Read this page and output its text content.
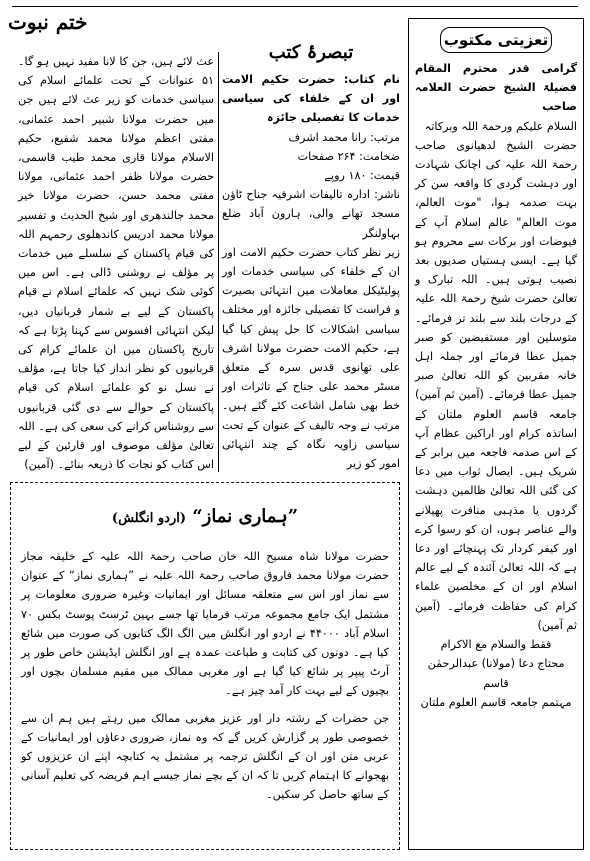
ختم نبوت

عث لائے ہیں، جن کا لانا مفید نہیں ہو گا۔۵۱ عنوانات کے تحت علمائے اسلام کی سیاسی خدمات کو زیر عث لائے ہیں جن میں حضرت مولانا شبیر احمد عثمانی، مفتی اعظم مولانا محمد شفیع، حکیم الاسلام مولانا قاری محمد طیب قاسمی، حضرت مولانا ظفر احمد عثمانی، مولانا مفتی محمد حسن، حضرت مولانا خیر محمد جالندھری اور شیخ الحدیث و تفسیر مولانا محمد ادریس کاندھلوی رحمہم اللہ کی قیام پاکستان کے سلسلے میں خدمات پر مؤلف نے روشنی ڈالی ہے۔ اس میں کوئی شک نہیں کہ علمائے اسلام نے قیام پاکستان کے لیے بے شمار قربانیاں دیں، لیکن انتہائی افسوس سے کہنا پڑتا ہے کہ تاریخ پاکستان میں ان علمائے کرام کی قربانیوں کو نظر انداز کیا جاتا ہے، مؤلف نے نسل نو کو علمائے اسلام کی قیام پاکستان کے حوالے سے دی گئی قربانیوں سے روشناس کرانے کی سعی کی ہے۔ اللہ تعالیٰ مؤلف موصوف اور قارئین کے لیے اس کتاب کو نجات کا ذریعہ بنائے۔ (آمین)

تبصرۂ کتب

نام کتاب: حضرت حکیم الامت اور ان کے خلفاء کی سیاسی خدمات کا تفصیلی جائزہ

مرتب: رانا محمد اشرف

ضخامت: ۲۶۴ صفحات

قیمت: ۱۸۰ روپے

ناشر: ادارہ تالیفات اشرفیہ جناح ٹاؤن مسجد تھانے والی، ہارون آباد ضلع بہاولنگر

زیر نظر کتاب حضرت حکیم الامت اور ان کے خلفاء کی سیاسی خدمات اور پولیٹیکل معاملات میں انتہائی بصیرت و فراست کا تفصیلی جائزہ اور مختلف سیاسی اشکالات کا حل پیش کیا گیا ہے، حکیم الامت حضرت مولانا اشرف علی تھانوی قدس سرہ کے متعلق مسٹر محمد علی جناح کے تاثرات اور خط بھی شامل اشاعت کئے گئے ہیں۔ مرتب نے وجہ تالیف کے عنوان کے تحت سیاسی زاویہ نگاہ کے چند انتہائی امور کو زیر

تعزیتی مکتوب

گرامی قدر محترم المقام فضیلۃ الشیخ حضرت العلامہ صاحب

السلام علیکم ورحمۃ اللہ وبرکاتہ

حضرت الشیخ لدھیانوی صاحب رحمۃ اللہ علیہ کی اچانک شہادت اور دہشت گردی کا واقعہ سن کر بہت صدمہ ہوا، "موت العالم، موت العالم" عالم اسلام آپ کے فیوضات اور برکات سے محروم ہو گیا ہے۔ ایسی ہستیاں صدیوں بعد نصیب ہوتی ہیں۔ اللہ تبارک و تعالیٰ حضرت شیخ رحمۃ اللہ علیہ کے درجات بلند سے بلند تر فرمائے۔ متوسلین اور مستفیضین کو صبر جمیل عطا فرمائے اور جملہ اہل خانہ مقربین کو اللہ تعالیٰ صبر جمیل عطا فرمائے۔ (آمین ثم آمین) جامعہ قاسم العلوم ملتان کے اساتذہ کرام اور اراکین عظام آپ کے اس صدمہ فاجعہ میں برابر کے شریک ہیں۔ ایصال ثواب میں دعا کی گئی اللہ تعالیٰ ظالمین دہشت گردوں یا مذہبی منافرت پھیلانے والے عناصر ہوں، ان کو رسوا کرے اور کیفر کردار تک پہنچائے اور دعا ہے کہ اللہ تعالیٰ آئندہ کے لیے عالم اسلام اور ان کے مخلصین علماء کرام کی حفاظت فرمائے۔ (آمین ثم آمین)

فقط والسلام مع الاکرام

محتاج دعا (مولانا) عبدالرحمٰن قاسم

مہتمم جامعہ قاسم العلوم ملتان

”ہماری نماز“ (اردو انگلش)

حضرت مولانا شاہ مسیح اللہ خان صاحب رحمۃ اللہ علیہ کے خلیفہ مجاز حضرت مولانا محمد فاروق صاحب رحمۃ اللہ علیہ نے ”ہماری نماز“ کے عنوان سے نماز اور اس سے متعلقہ مسائل اور ایمانیات وغیرہ ضروری معلومات پر مشتمل ایک جامع مجموعہ مرتب فرمایا تھا جسے بہین ٹرسٹ پوسٹ بکس ۷۰ اسلام آباد ۴۴۰۰۰ نے اردو اور انگلش میں الگ الگ کتابوں کی صورت میں شائع کیا ہے۔ دونوں کی کتابت و طباعت عمدہ ہے اور انگلش ایڈیشن خاص طور پر آرٹ پیپر پر شائع کیا گیا ہے اور مغربی ممالک میں مقیم مسلمان بچوں اور بچیوں کے لیے بہت کار آمد چیز ہے۔

جن حضرات کے رشتہ دار اور عزیز مغربی ممالک میں رہتے ہیں ہم ان سے خصوصی طور پر گزارش کریں گے کہ وہ نماز، ضروری دعاؤں اور ایمانیات کے عربی متن اور ان کے انگلش ترجمہ پر مشتمل یہ کتابچہ اپنے ان عزیزوں کو بھجوانے کا اہتمام کریں تا کہ ان کے بچے نماز جیسے اہم فریضہ کی تعلیم آسانی کے ساتھ حاصل کر سکیں۔
